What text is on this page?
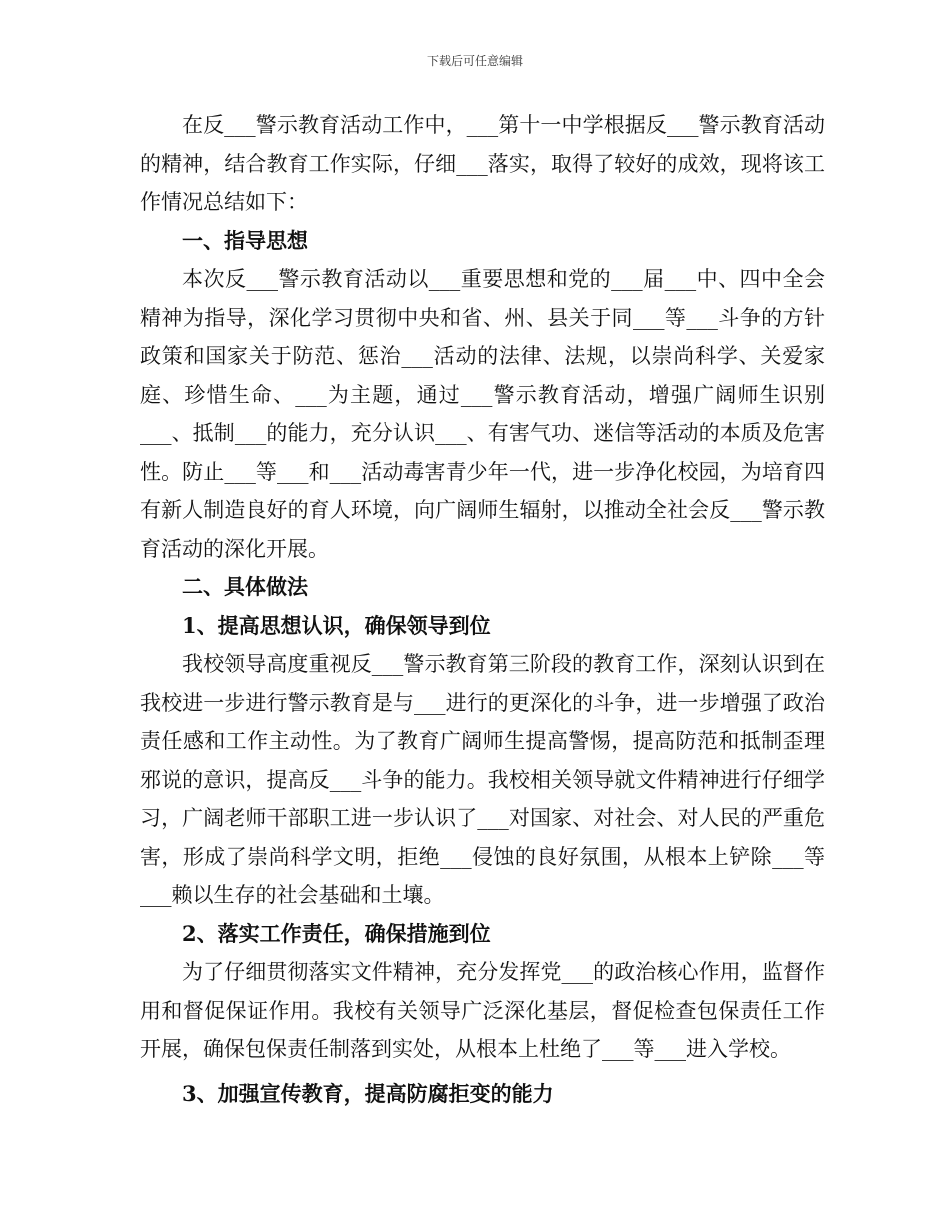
下载后可任意编辑

在反___警示教育活动工作中，___第十一中学根据反___警示教育活动的精神，结合教育工作实际，仔细___落实，取得了较好的成效，现将该工作情况总结如下：

一、指导思想

本次反___警示教育活动以___重要思想和党的___届___中、四中全会精神为指导，深化学习贯彻中央和省、州、县关于同___等___斗争的方针政策和国家关于防范、惩治___活动的法律、法规，以崇尚科学、关爱家庭、珍惜生命、___为主题，通过___警示教育活动，增强广阔师生识别___、抵制___的能力，充分认识___、有害气功、迷信等活动的本质及危害性。防止___等___和___活动毒害青少年一代，进一步净化校园，为培育四有新人制造良好的育人环境，向广阔师生辐射，以推动全社会反___警示教育活动的深化开展。

二、具体做法

1、提高思想认识，确保领导到位

我校领导高度重视反___警示教育第三阶段的教育工作，深刻认识到在我校进一步进行警示教育是与___进行的更深化的斗争，进一步增强了政治责任感和工作主动性。为了教育广阔师生提高警惕，提高防范和抵制歪理邪说的意识，提高反___斗争的能力。我校相关领导就文件精神进行仔细学习，广阔老师干部职工进一步认识了___对国家、对社会、对人民的严重危害，形成了崇尚科学文明，拒绝___侵蚀的良好氛围，从根本上铲除___等___赖以生存的社会基础和土壤。

2、落实工作责任，确保措施到位

为了仔细贯彻落实文件精神，充分发挥党___的政治核心作用，监督作用和督促保证作用。我校有关领导广泛深化基层，督促检查包保责任工作开展，确保包保责任制落到实处，从根本上杜绝了___等___进入学校。

3、加强宣传教育，提高防腐拒变的能力
